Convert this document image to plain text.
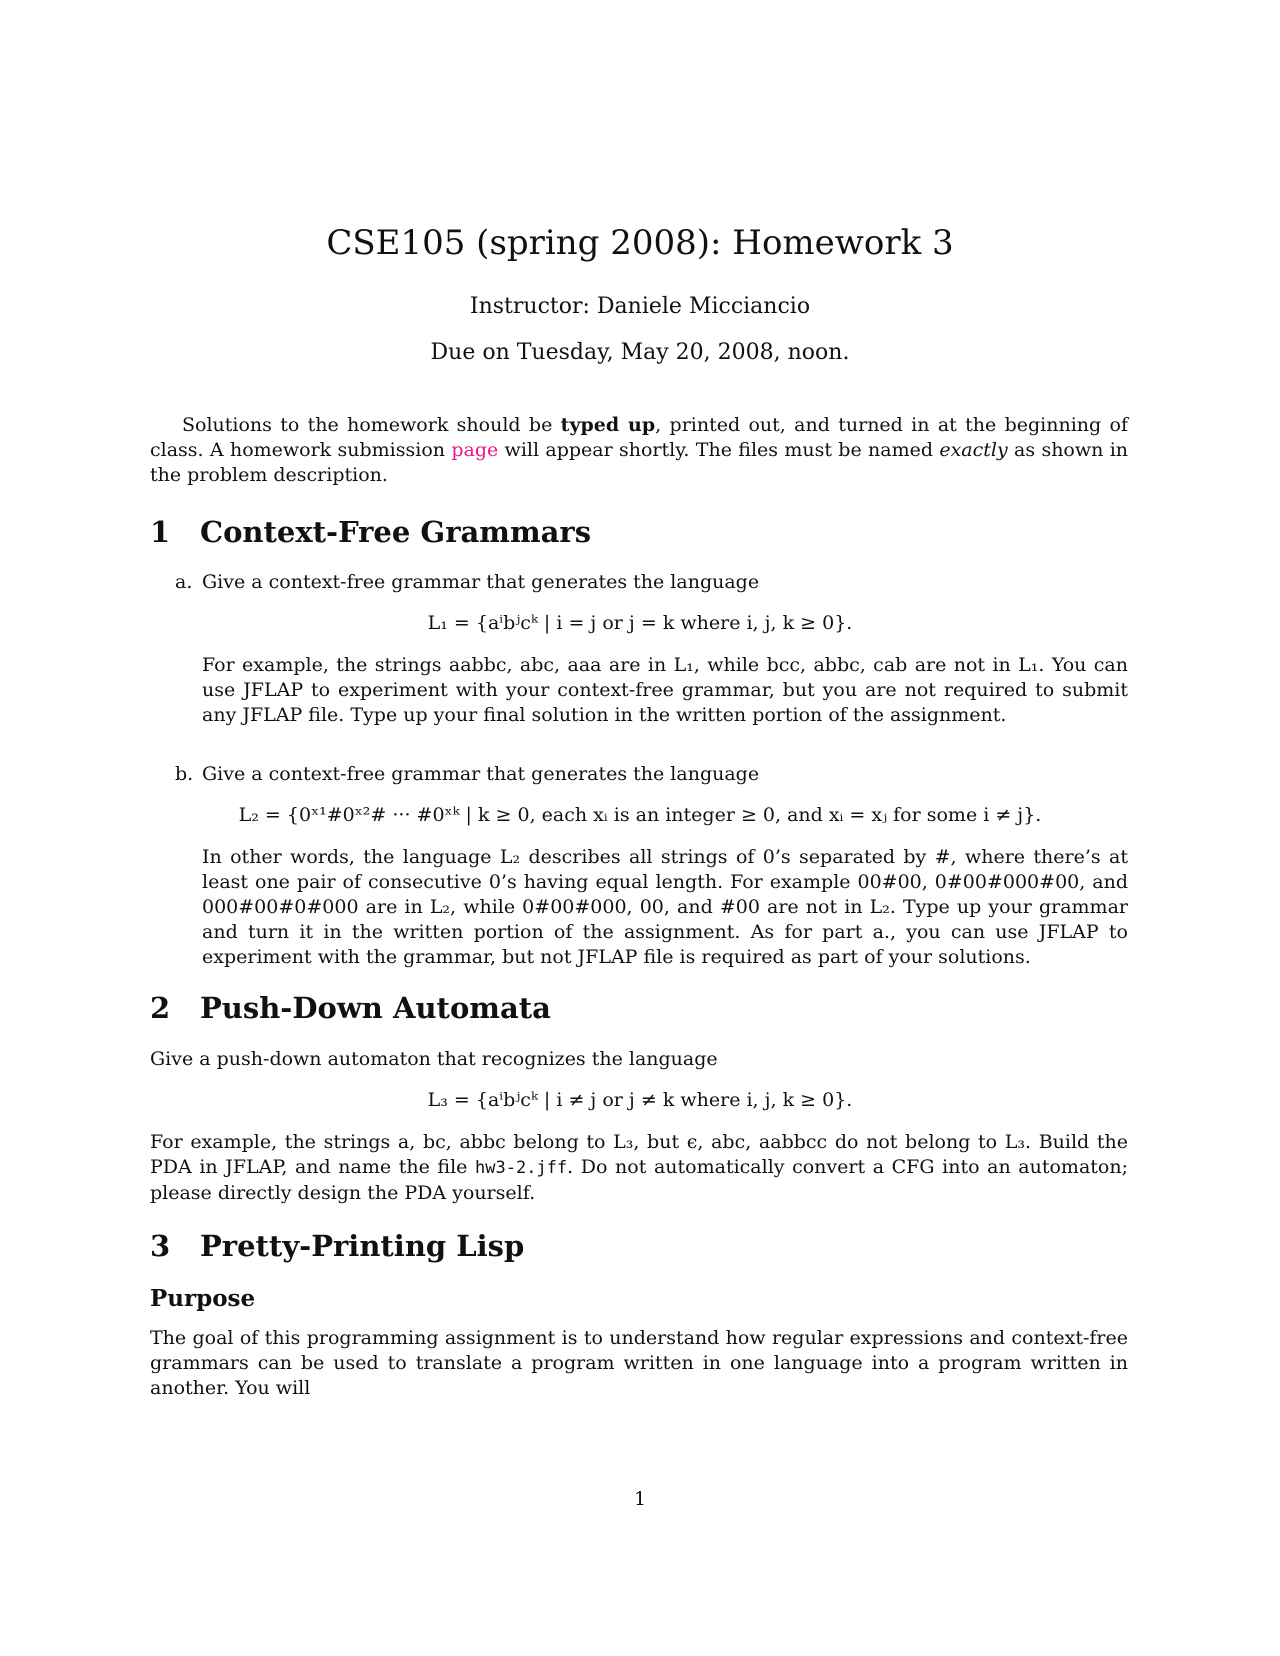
CSE105 (spring 2008): Homework 3
Instructor: Daniele Micciancio
Due on Tuesday, May 20, 2008, noon.
Solutions to the homework should be typed up, printed out, and turned in at the beginning of class. A homework submission page will appear shortly. The files must be named exactly as shown in the problem description.
1 Context-Free Grammars
a. Give a context-free grammar that generates the language
L₁ = {aⁱbʲcᵏ | i = j or j = k where i, j, k ≥ 0}.
For example, the strings aabbc, abc, aaa are in L₁, while bcc, abbc, cab are not in L₁. You can use JFLAP to experiment with your context-free grammar, but you are not required to submit any JFLAP file. Type up your final solution in the written portion of the assignment.
b. Give a context-free grammar that generates the language
L₂ = {0ˣ¹#0ˣ²# ··· #0ˣᵏ | k ≥ 0, each xᵢ is an integer ≥ 0, and xᵢ = xⱼ for some i ≠ j}.
In other words, the language L₂ describes all strings of 0’s separated by #, where there’s at least one pair of consecutive 0’s having equal length. For example 00#00, 0#00#000#00, and 000#00#0#000 are in L₂, while 0#00#000, 00, and #00 are not in L₂. Type up your grammar and turn it in the written portion of the assignment. As for part a., you can use JFLAP to experiment with the grammar, but not JFLAP file is required as part of your solutions.
2 Push-Down Automata
Give a push-down automaton that recognizes the language
L₃ = {aⁱbʲcᵏ | i ≠ j or j ≠ k where i, j, k ≥ 0}.
For example, the strings a, bc, abbc belong to L₃, but ϵ, abc, aabbcc do not belong to L₃. Build the PDA in JFLAP, and name the file hw3-2.jff. Do not automatically convert a CFG into an automaton; please directly design the PDA yourself.
3 Pretty-Printing Lisp
Purpose
The goal of this programming assignment is to understand how regular expressions and context-free grammars can be used to translate a program written in one language into a program written in another. You will
1
